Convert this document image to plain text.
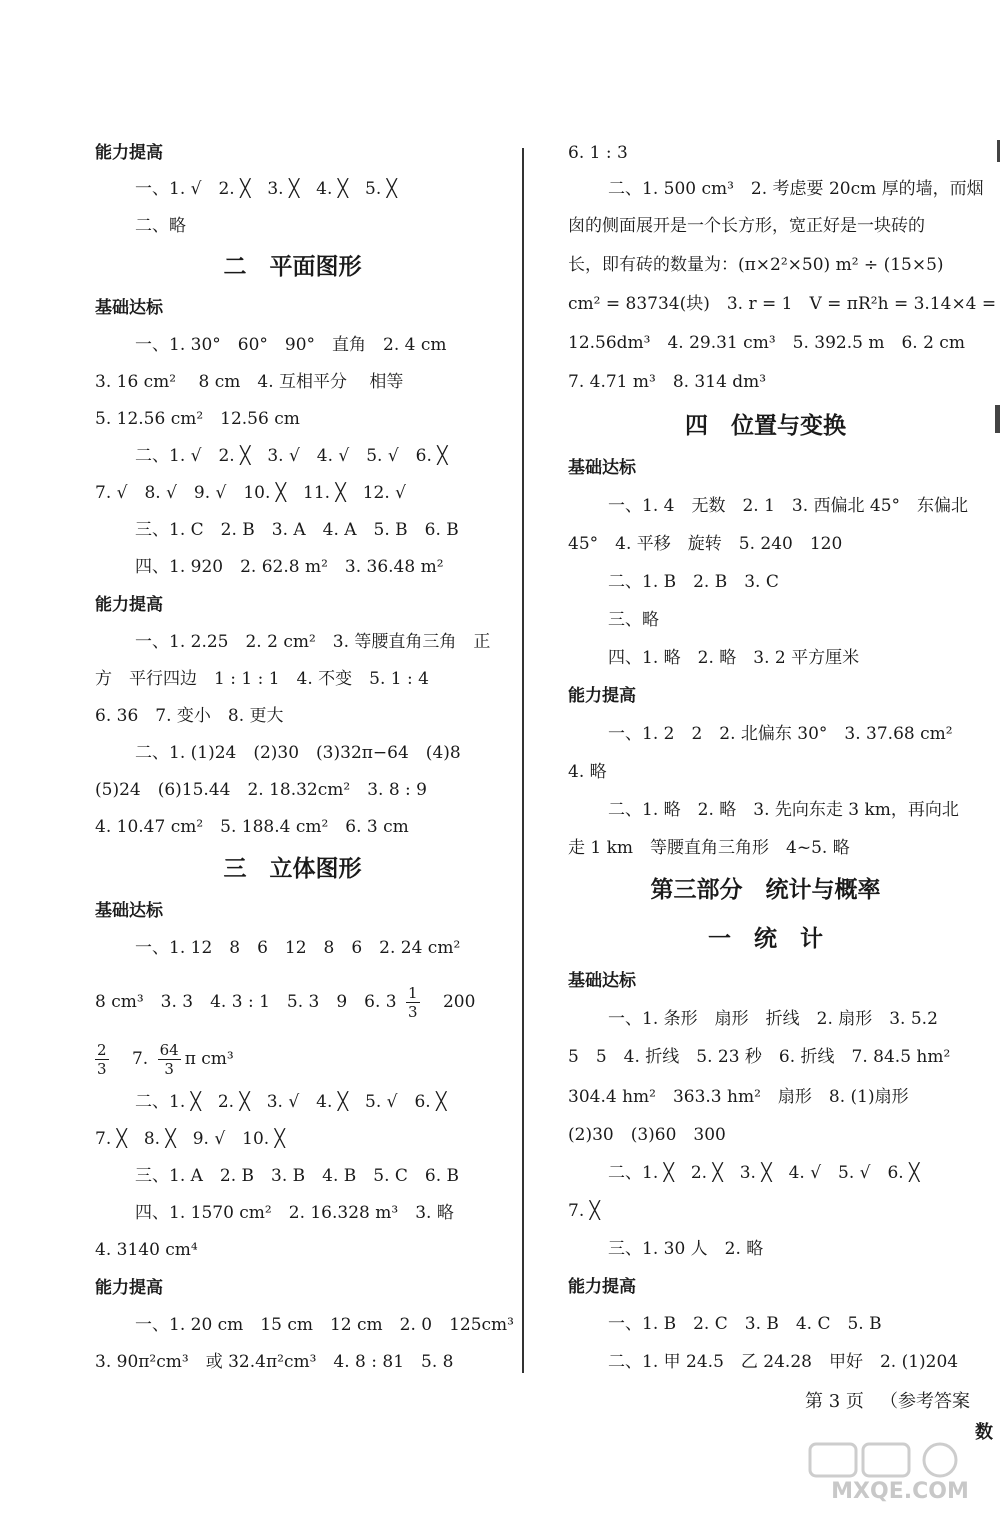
能力提高
一、1. √　2. ╳　3. ╳　4. ╳　5. ╳
二、略
二　平面图形
基础达标
一、1. 30°　60°　90°　直角　2. 4 cm
3. 16 cm²　 8 cm　4. 互相平分　 相等
5. 12.56 cm²　12.56 cm
二、1. √　2. ╳　3. √　4. √　5. √　6. ╳
7. √　8. √　9. √　10. ╳　11. ╳　12. √
三、1. C　2. B　3. A　4. A　5. B　6. B
四、1. 920　2. 62.8 m²　3. 36.48 m²
能力提高
一、1. 2.25　2. 2 cm²　3. 等腰直角三角　正
方　平行四边　1 : 1 : 1　4. 不变　5. 1 : 4
6. 36　7. 变小　8. 更大
二、1. (1)24　(2)30　(3)32π−64　(4)8
(5)24　(6)15.44　2. 18.32cm²　3. 8 : 9
4. 10.47 cm²　5. 188.4 cm²　6. 3 cm
三　立体图形
基础达标
一、1. 12　8　6　12　8　6　2. 24 cm²
8 cm³　3. 3　4. 3 : 1　5. 3　9　6. $3 \frac{1}{3} 200$
$\frac{2}{3} 7$. $\frac{64}{3}$ π cm³
二、1. ╳　2. ╳　3. √　4. ╳　5. √　6. ╳
7. ╳　8. ╳　9. √　10. ╳
三、1. A　2. B　3. B　4. B　5. C　6. B
四、1. 1570 cm²　2. 16.328 m³　3. 略
4. 3140 cm⁴
能力提高
一、1. 20 cm　15 cm　12 cm　2. 0　125cm³
3. 90π²cm³　或 32.4π²cm³　4. 8 : 81　5. 8
6. 1 : 3
二、1. 500 cm³　2. 考虑要 20cm 厚的墙，而烟
囱的侧面展开是一个长方形，宽正好是一块砖的
长，即有砖的数量为：(π×2²×50) m² ÷ (15×5)
cm² = 83734(块)　3. r = 1　V = πR²h = 3.14×4 =
12.56dm³　4. 29.31 cm³　5. 392.5 m　6. 2 cm
7. 4.71 m³　8. 314 dm³
四　位置与变换
基础达标
一、1. 4　无数　2. 1　3. 西偏北 45°　东偏北
45°　4. 平移　旋转　5. 240　120
二、1. B　2. B　3. C
三、略
四、1. 略　2. 略　3. 2 平方厘米
能力提高
一、1. 2　2　2. 北偏东 30°　3. 37.68 cm²
4. 略
二、1. 略　2. 略　3. 先向东走 3 km，再向北
走 1 km　等腰直角三角形　4~5. 略
第三部分　统计与概率
一　统　计
基础达标
一、1. 条形　扇形　折线　2. 扇形　3. 5.2
5　5　4. 折线　5. 23 秒　6. 折线　7. 84.5 hm²
304.4 hm²　363.3 hm²　扇形　8. (1)扇形
(2)30　(3)60　300
二、1. ╳　2. ╳　3. ╳　4. √　5. √　6. ╳
7. ╳
三、1. 30 人　2. 略
能力提高
一、1. B　2. C　3. B　4. C　5. B
二、1. 甲 24.5　乙 24.28　甲好　2. (1)204
第 3 页 （参考答案
数
MXQE.COM
